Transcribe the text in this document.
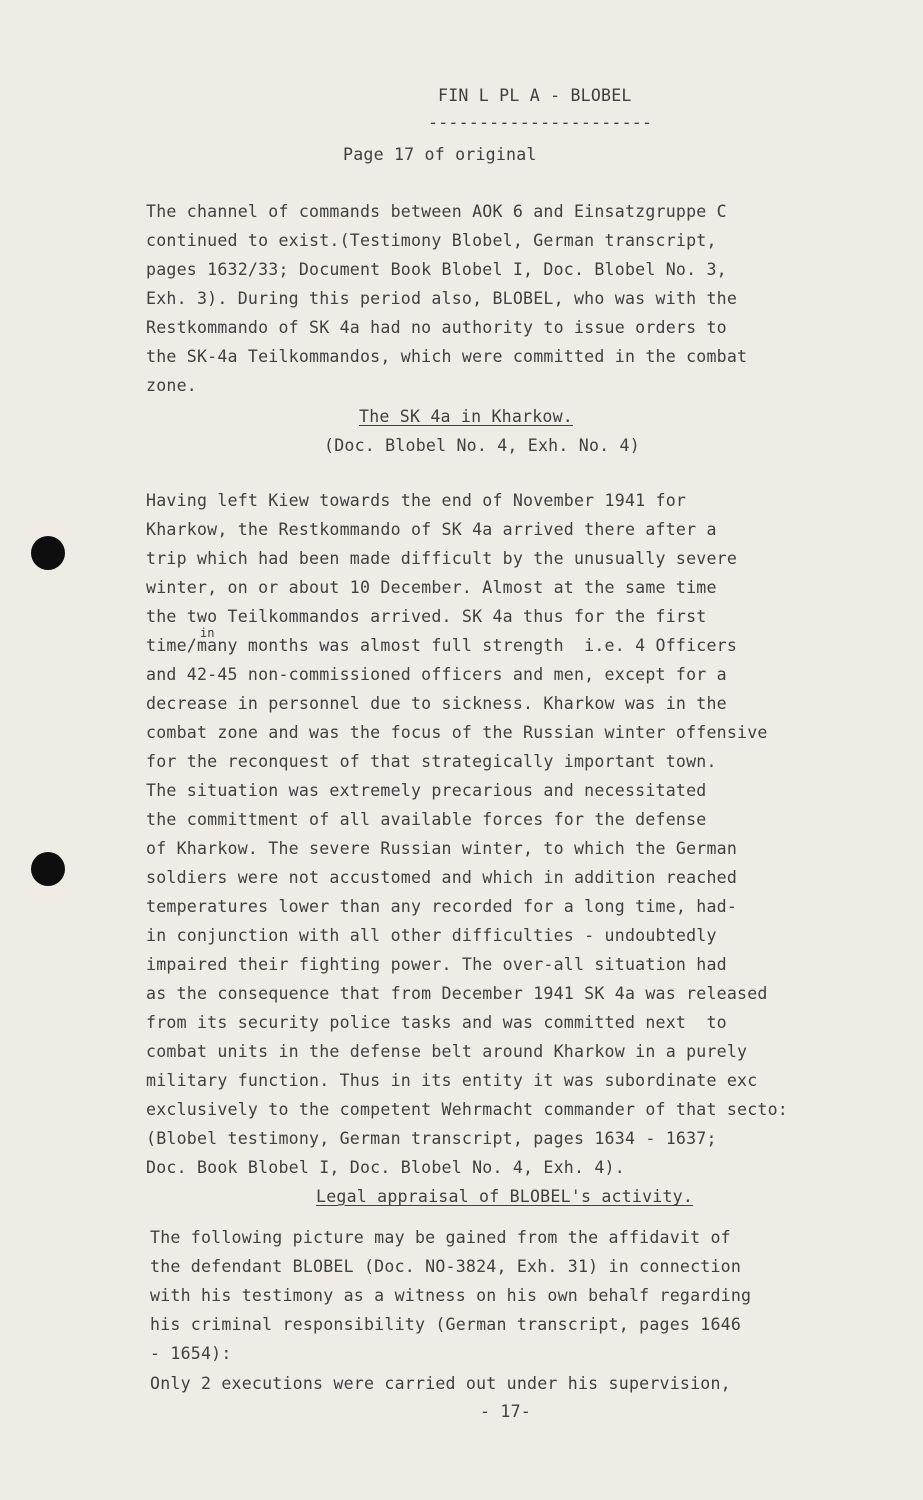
FIN L PL A - BLOBEL
----------------------
Page 17 of original
The channel of commands between AOK 6 and Einsatzgruppe C
continued to exist.(Testimony Blobel, German transcript,
pages 1632/33; Document Book Blobel I, Doc. Blobel No. 3,
Exh. 3). During this period also, BLOBEL, who was with the
Restkommando of SK 4a had no authority to issue orders to
the SK-4a Teilkommandos, which were committed in the combat
zone.
The SK 4a in Kharkow.
(Doc. Blobel No. 4, Exh. No. 4)
Having left Kiew towards the end of November 1941 for
Kharkow, the Restkommando of SK 4a arrived there after a
trip which had been made difficult by the unusually severe
winter, on or about 10 December. Almost at the same time
the two Teilkommandos arrived. SK 4a thus for the first
in
time/many months was almost full strength  i.e. 4 Officers
and 42-45 non-commissioned officers and men, except for a
decrease in personnel due to sickness. Kharkow was in the
combat zone and was the focus of the Russian winter offensive
for the reconquest of that strategically important town.
The situation was extremely precarious and necessitated
the committment of all available forces for the defense
of Kharkow. The severe Russian winter, to which the German
soldiers were not accustomed and which in addition reached
temperatures lower than any recorded for a long time, had-
in conjunction with all other difficulties - undoubtedly
impaired their fighting power. The over-all situation had
as the consequence that from December 1941 SK 4a was released
from its security police tasks and was committed next  to
combat units in the defense belt around Kharkow in a purely
military function. Thus in its entity it was subordinate exc
exclusively to the competent Wehrmacht commander of that secto:
(Blobel testimony, German transcript, pages 1634 - 1637;
Doc. Book Blobel I, Doc. Blobel No. 4, Exh. 4).
Legal appraisal of BLOBEL's activity.
The following picture may be gained from the affidavit of
the defendant BLOBEL (Doc. NO-3824, Exh. 31) in connection
with his testimony as a witness on his own behalf regarding
his criminal responsibility (German transcript, pages 1646
- 1654):
Only 2 executions were carried out under his supervision,
- 17-
